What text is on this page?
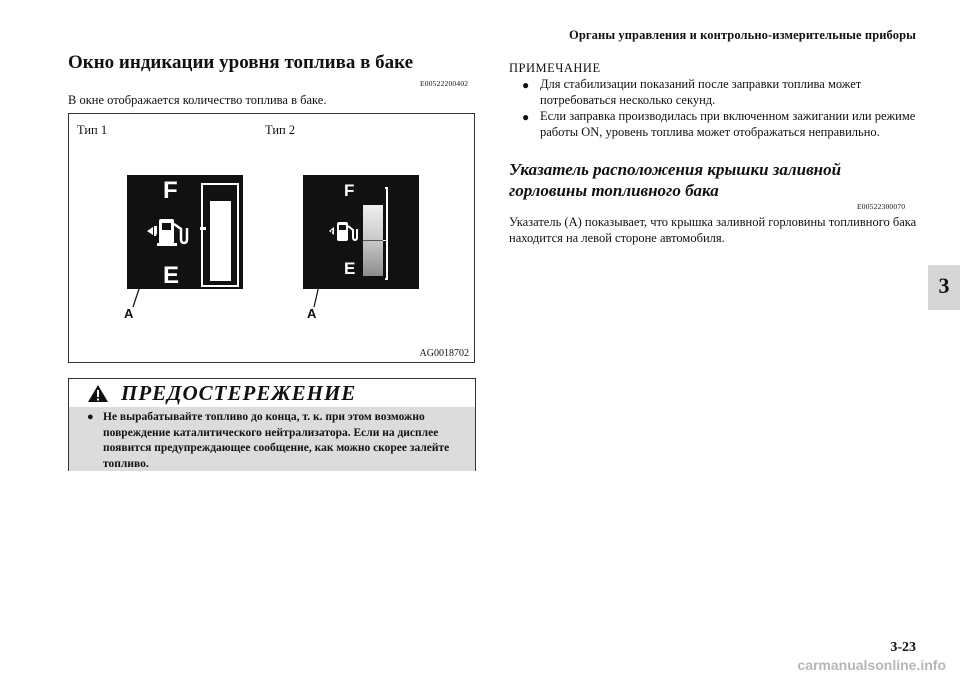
Органы управления и контрольно-измерительные приборы
Окно индикации уровня топлива в баке
E00522200402
В окне отображается количество топлива в баке.
Тип 1	Тип 2
F
E
F
E
A	A
AG0018702
ПРЕДОСТЕРЕЖЕНИЕ
● Не вырабатывайте топливо до конца, т. к. при этом возможно повреждение каталитического нейтрализатора. Если на дисплее появится предупреждающее сообщение, как можно скорее залейте топливо.
ПРИМЕЧАНИЕ
● Для стабилизации показаний после заправки топлива может потребоваться несколько секунд.
● Если заправка производилась при включенном зажигании или режиме работы ON, уровень топлива может отображаться неправильно.
Указатель расположения крышки заливной
горловины топливного бака
E00522300070
Указатель (A) показывает, что крышка заливной горловины топливного бака находится на левой стороне автомобиля.
3
3-23
carmanualsonline.info
